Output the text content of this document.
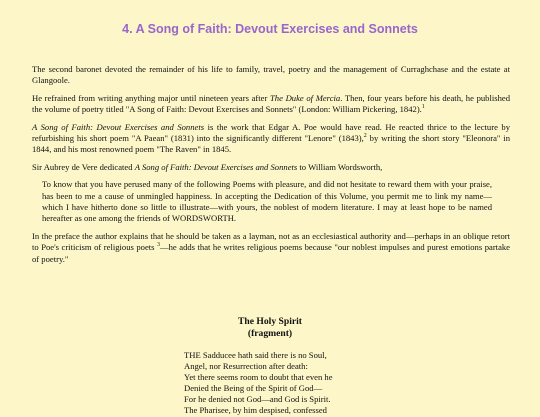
4. A Song of Faith: Devout Exercises and Sonnets

The second baronet devoted the remainder of his life to family, travel, poetry and the management of Curraghchase and the estate at Glangoole.

He refrained from writing anything major until nineteen years after The Duke of Mercia. Then, four years before his death, he published the volume of poetry titled "A Song of Faith: Devout Exercises and Sonnets" (London: William Pickering, 1842).$^1$

A Song of Faith: Devout Exercises and Sonnets is the work that Edgar A. Poe would have read. He reacted thrice to the lecture by refurbishing his short poem "A Paean" (1831) into the significantly different "Lenore" (1843),$^2$ by writing the short story "Eleonora" in 1844, and his most renowned poem "The Raven" in 1845.

Sir Aubrey de Vere dedicated A Song of Faith: Devout Exercises and Sonnets to William Wordsworth,

To know that you have perused many of the following Poems with pleasure, and did not hesitate to reward them with your praise, has been to me a cause of unmingled happiness. In accepting the Dedication of this Volume, you permit me to link my name—which I have hitherto done so little to illustrate—with yours, the noblest of modern literature. I may at least hope to be named hereafter as one among the friends of WORDSWORTH.

In the preface the author explains that he should be taken as a layman, not as an ecclesiastical authority and—perhaps in an oblique retort to Poe's criticism of religious poets $^3$—he adds that he writes religious poems because "our noblest impulses and purest emotions partake of poetry."

The Holy Spirit
(fragment)
THE Sadducee hath said there is no Soul,
Angel, nor Resurrection after death:
Yet there seems room to doubt that even he
Denied the Being of the Spirit of God—
For he denied not God—and God is Spirit.
The Pharisee, by him despised, confessed
